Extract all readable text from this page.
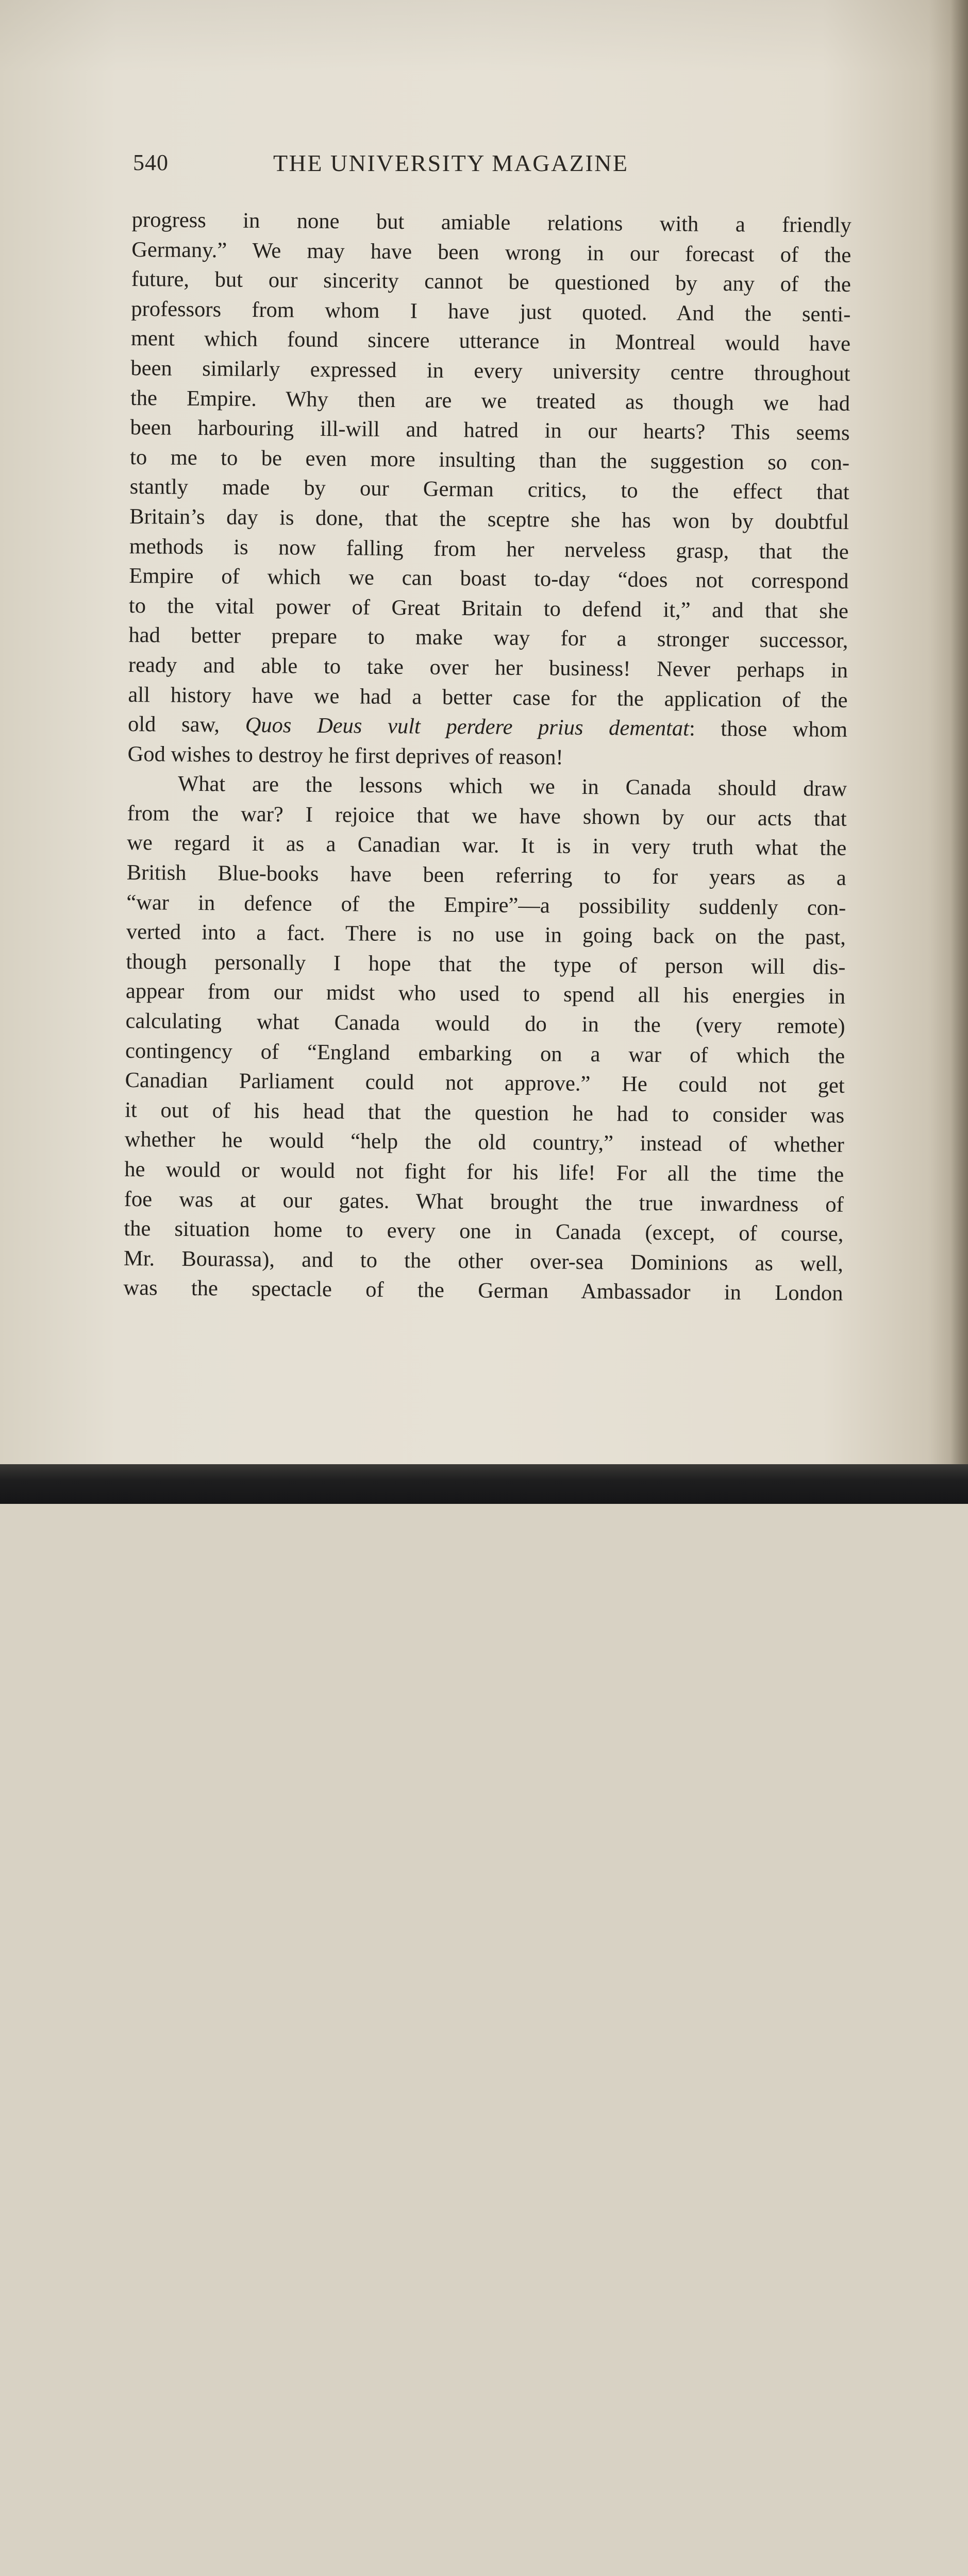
540	THE UNIVERSITY MAGAZINE
progress in none but amiable relations with a friendly
Germany.” We may have been wrong in our forecast of the
future, but our sincerity cannot be questioned by any of the
professors from whom I have just quoted. And the senti-
ment which found sincere utterance in Montreal would have
been similarly expressed in every university centre throughout
the Empire. Why then are we treated as though we had
been harbouring ill-will and hatred in our hearts? This seems
to me to be even more insulting than the suggestion so con-
stantly made by our German critics, to the effect that
Britain’s day is done, that the sceptre she has won by doubtful
methods is now falling from her nerveless grasp, that the
Empire of which we can boast to-day “does not correspond
to the vital power of Great Britain to defend it,” and that she
had better prepare to make way for a stronger successor,
ready and able to take over her business! Never perhaps in
all history have we had a better case for the application of the
old saw, Quos Deus vult perdere prius dementat: those whom
God wishes to destroy he first deprives of reason!
What are the lessons which we in Canada should draw
from the war? I rejoice that we have shown by our acts that
we regard it as a Canadian war. It is in very truth what the
British Blue-books have been referring to for years as a
“war in defence of the Empire”—a possibility suddenly con-
verted into a fact. There is no use in going back on the past,
though personally I hope that the type of person will dis-
appear from our midst who used to spend all his energies in
calculating what Canada would do in the (very remote)
contingency of “England embarking on a war of which the
Canadian Parliament could not approve.” He could not get
it out of his head that the question he had to consider was
whether he would “help the old country,” instead of whether
he would or would not fight for his life! For all the time the
foe was at our gates. What brought the true inwardness of
the situation home to every one in Canada (except, of course,
Mr. Bourassa), and to the other over-sea Dominions as well,
was the spectacle of the German Ambassador in London
